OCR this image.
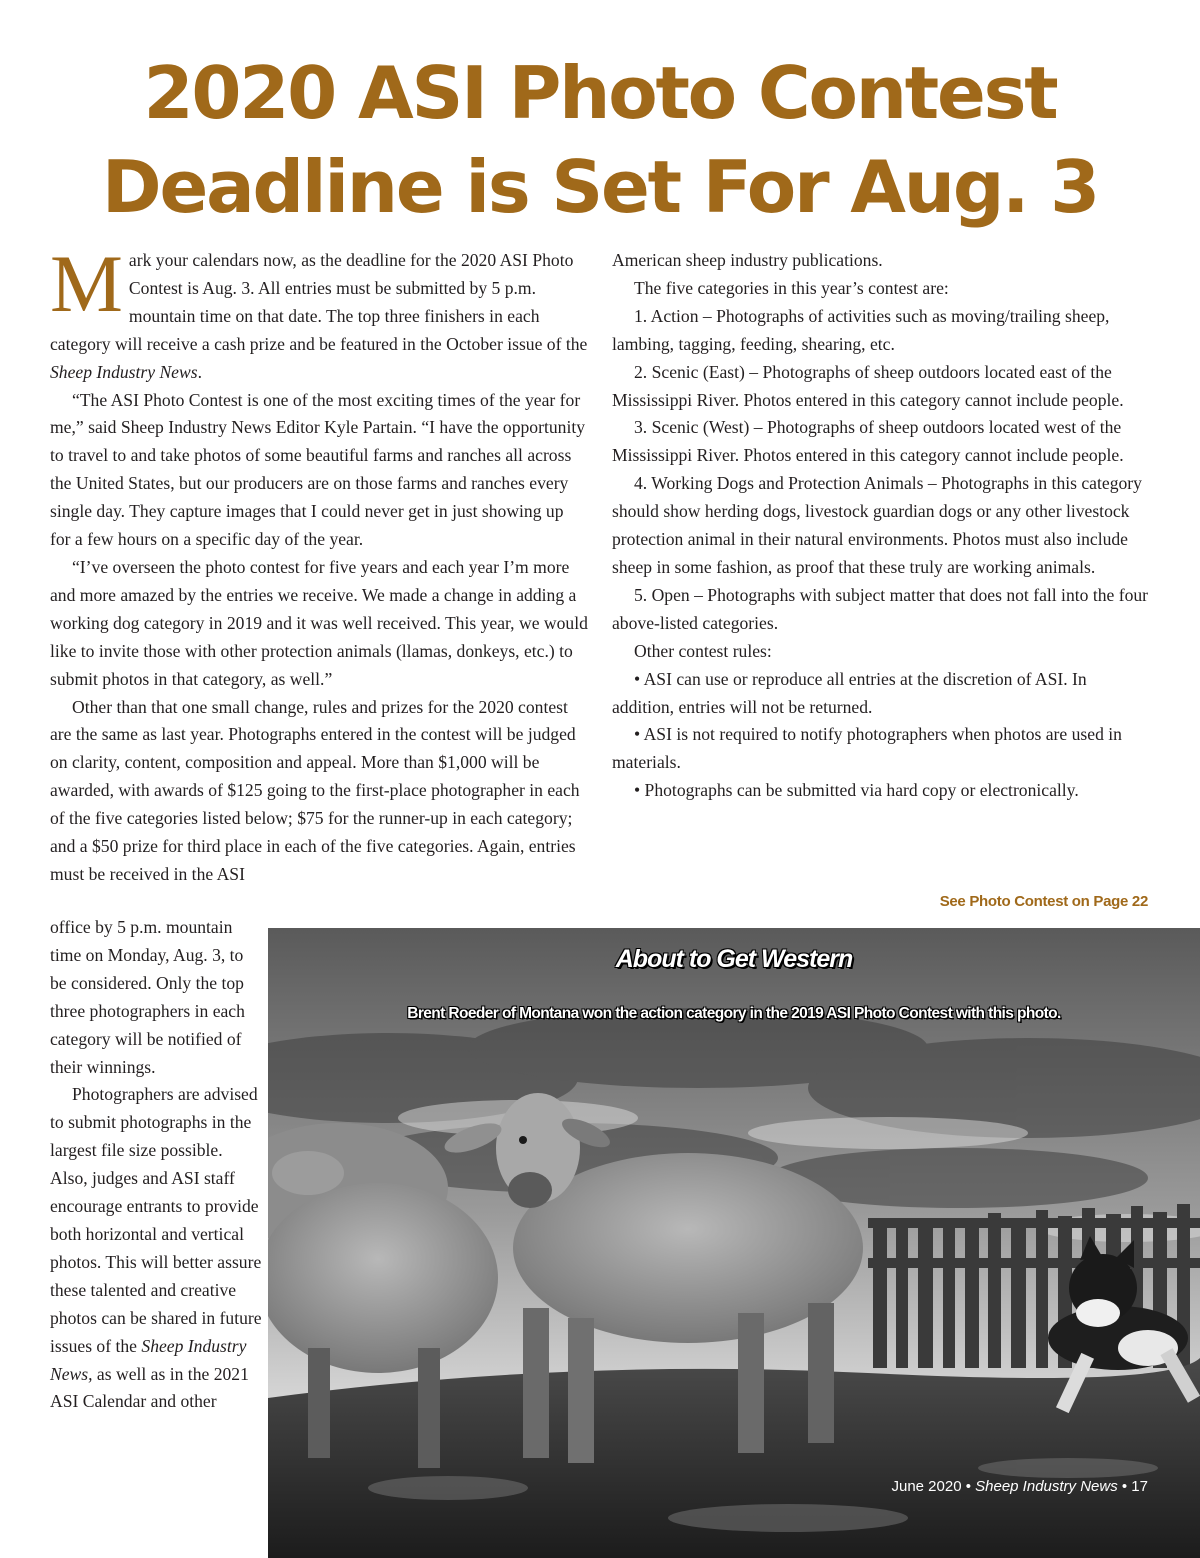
2020 ASI Photo Contest
Deadline is Set For Aug. 3

Mark your calendars now, as the deadline for the 2020 ASI Photo Contest is Aug. 3. All entries must be submitted by 5 p.m. mountain time on that date. The top three finishers in each category will receive a cash prize and be featured in the October issue of the Sheep Industry News.

“The ASI Photo Contest is one of the most exciting times of the year for me,” said Sheep Industry News Editor Kyle Partain. “I have the opportunity to travel to and take photos of some beautiful farms and ranches all across the United States, but our producers are on those farms and ranches every single day. They capture images that I could never get in just showing up for a few hours on a specific day of the year.

“I’ve overseen the photo contest for five years and each year I’m more and more amazed by the entries we receive. We made a change in adding a working dog category in 2019 and it was well received. This year, we would like to invite those with other protection animals (llamas, donkeys, etc.) to submit photos in that category, as well.”

Other than that one small change, rules and prizes for the 2020 contest are the same as last year. Photographs entered in the contest will be judged on clarity, content, composition and appeal. More than $1,000 will be awarded, with awards of $125 going to the first-place photographer in each of the five categories listed below; $75 for the runner-up in each category; and a $50 prize for third place in each of the five categories. Again, entries must be received in the ASI

office by 5 p.m. mountain time on Monday, Aug. 3, to be considered. Only the top three photographers in each category will be notified of their winnings.

Photographers are advised to submit photographs in the largest file size possible. Also, judges and ASI staff encourage entrants to provide both horizontal and vertical photos. This will better assure these talented and creative photos can be shared in future issues of the Sheep Industry News, as well as in the 2021 ASI Calendar and other

American sheep industry publications.

The five categories in this year’s contest are:

1. Action – Photographs of activities such as moving/trailing sheep, lambing, tagging, feeding, shearing, etc.

2. Scenic (East) – Photographs of sheep outdoors located east of the Mississippi River. Photos entered in this category cannot include people.

3. Scenic (West) – Photographs of sheep outdoors located west of the Mississippi River. Photos entered in this category cannot include people.

4. Working Dogs and Protection Animals – Photographs in this category should show herding dogs, livestock guardian dogs or any other livestock protection animal in their natural environments. Photos must also include sheep in some fashion, as proof that these truly are working animals.

5. Open – Photographs with subject matter that does not fall into the four above-listed categories.

Other contest rules:

• ASI can use or reproduce all entries at the discretion of ASI. In addition, entries will not be returned.

• ASI is not required to notify photographers when photos are used in materials.

• Photographs can be submitted via hard copy or electronically.

See Photo Contest on Page 22
About to Get Western
Brent Roeder of Montana won the action category in the 2019 ASI Photo Contest with this photo.
June 2020 • Sheep Industry News • 17
